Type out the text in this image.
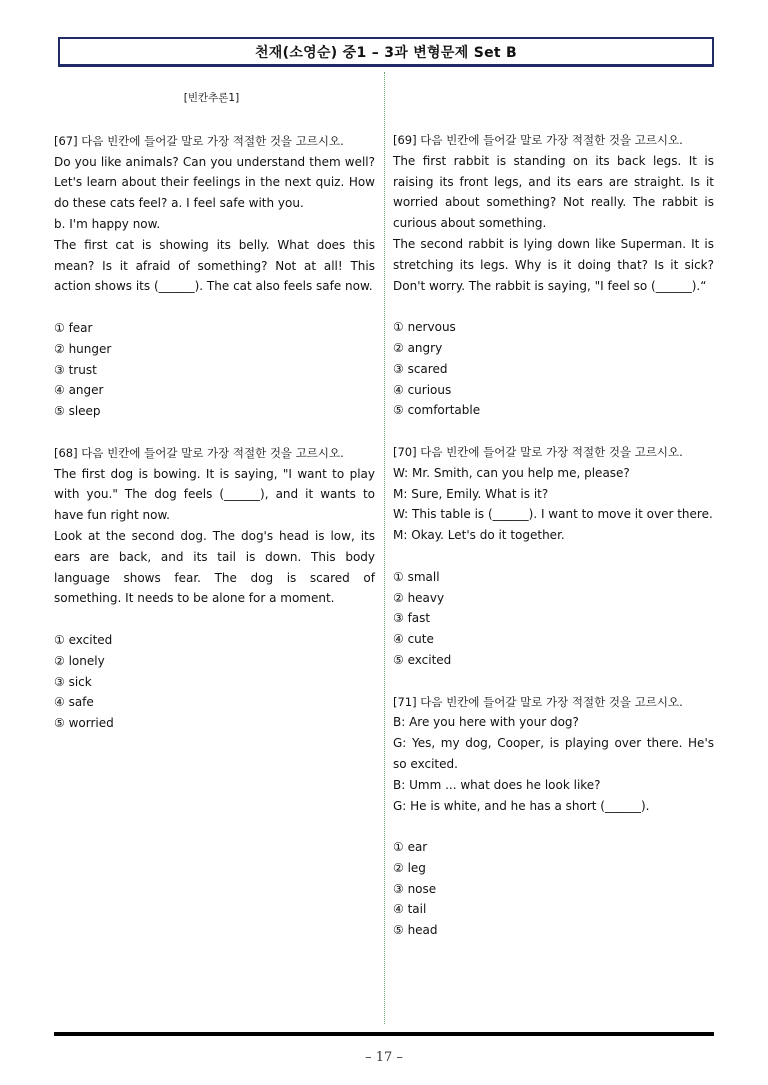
천재(소영순) 중1 – 3과 변형문제 Set B
[빈칸추론1]
[67] 다음 빈칸에 들어갈 말로 가장 적절한 것을 고르시오.

Do you like animals? Can you understand them well? Let's learn about their feelings in the next quiz. How do these cats feel? a. I feel safe with you.

b. I'm happy now.

The first cat is showing its belly. What does this mean? Is it afraid of something? Not at all! This action shows its (______). The cat also feels safe now.

① fear
② hunger
③ trust
④ anger
⑤ sleep
[68] 다음 빈칸에 들어갈 말로 가장 적절한 것을 고르시오.

The first dog is bowing. It is saying, "I want to play with you." The dog feels (______), and it wants to have fun right now.

Look at the second dog. The dog's head is low, its ears are back, and its tail is down. This body language shows fear. The dog is scared of something. It needs to be alone for a moment.

① excited
② lonely
③ sick
④ safe
⑤ worried
[69] 다음 빈칸에 들어갈 말로 가장 적절한 것을 고르시오.

The first rabbit is standing on its back legs. It is raising its front legs, and its ears are straight. Is it worried about something? Not really. The rabbit is curious about something.

The second rabbit is lying down like Superman. It is stretching its legs. Why is it doing that? Is it sick? Don't worry. The rabbit is saying, "I feel so (______).“

① nervous
② angry
③ scared
④ curious
⑤ comfortable
[70] 다음 빈칸에 들어갈 말로 가장 적절한 것을 고르시오.

W: Mr. Smith, can you help me, please?

M: Sure, Emily. What is it?

W: This table is (______). I want to move it over there.

M: Okay. Let's do it together.

① small
② heavy
③ fast
④ cute
⑤ excited
[71] 다음 빈칸에 들어갈 말로 가장 적절한 것을 고르시오.

B: Are you here with your dog?

G: Yes, my dog, Cooper, is playing over there. He's so excited.

B: Umm ... what does he look like?

G: He is white, and he has a short (______).

① ear
② leg
③ nose
④ tail
⑤ head
– 17 –
